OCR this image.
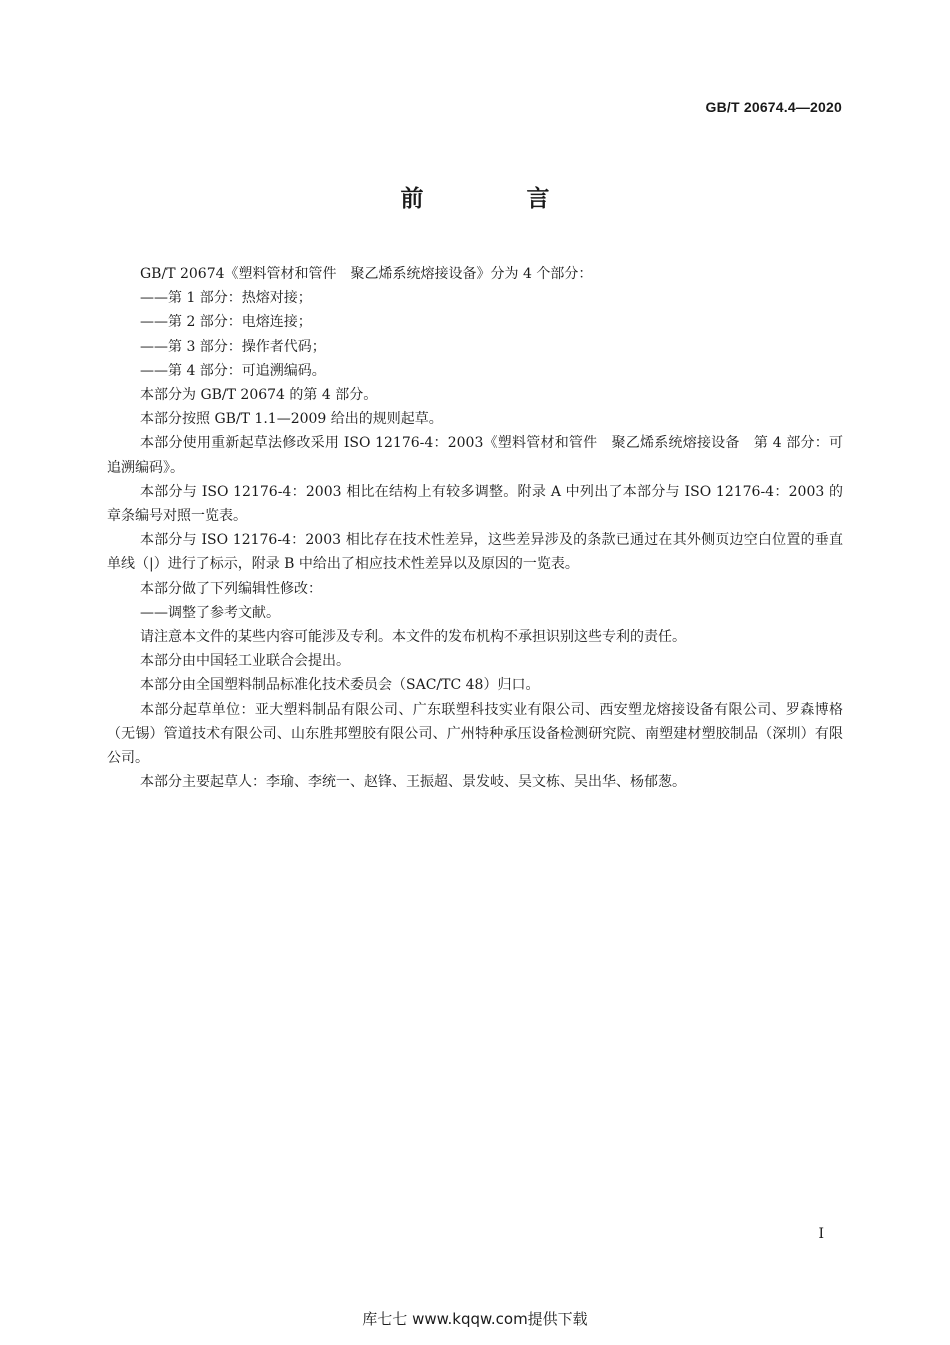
GB/T 20674.4—2020
前　言

GB/T 20674《塑料管材和管件　聚乙烯系统熔接设备》分为 4 个部分：

——第 1 部分：热熔对接；

——第 2 部分：电熔连接；

——第 3 部分：操作者代码；

——第 4 部分：可追溯编码。

本部分为 GB/T 20674 的第 4 部分。

本部分按照 GB/T 1.1—2009 给出的规则起草。

本部分使用重新起草法修改采用 ISO 12176-4：2003《塑料管材和管件　聚乙烯系统熔接设备　第 4 部分：可追溯编码》。

本部分与 ISO 12176-4：2003 相比在结构上有较多调整。附录 A 中列出了本部分与 ISO 12176-4：2003 的章条编号对照一览表。

本部分与 ISO 12176-4：2003 相比存在技术性差异，这些差异涉及的条款已通过在其外侧页边空白位置的垂直单线（|）进行了标示，附录 B 中给出了相应技术性差异以及原因的一览表。

本部分做了下列编辑性修改：

——调整了参考文献。

请注意本文件的某些内容可能涉及专利。本文件的发布机构不承担识别这些专利的责任。

本部分由中国轻工业联合会提出。

本部分由全国塑料制品标准化技术委员会（SAC/TC 48）归口。

本部分起草单位：亚大塑料制品有限公司、广东联塑科技实业有限公司、西安塑龙熔接设备有限公司、罗森博格（无锡）管道技术有限公司、山东胜邦塑胶有限公司、广州特种承压设备检测研究院、南塑建材塑胶制品（深圳）有限公司。

本部分主要起草人：李瑜、李统一、赵锋、王振超、景发岐、吴文栋、吴出华、杨郁葱。

I
库七七 www.kqqw.com提供下载
